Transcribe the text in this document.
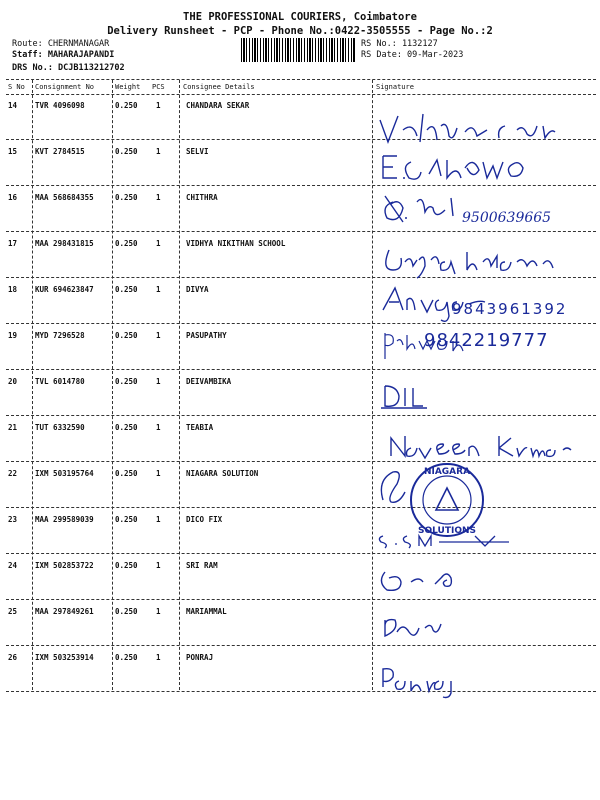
THE PROFESSIONAL COURIERS, Coimbatore
Delivery Runsheet - PCP - Phone No.:0422-3505555 - Page No.:2
Route: CHERNMANAGAR
Staff: MAHARAJAPANDI
DRS No.: DCJB113212702
RS No.: 1132127
RS Date: 09-Mar-2023
S No Consignment No	Weight PCS	Consignee Details	Signature
14 TVR 4096098	0.250 1	CHANDARA SEKAR
15 KVT 2784515	0.250 1	SELVI
16 MAA 568684355	0.250 1	CHITHRA
17 MAA 298431815	0.250 1	VIDHYA NIKITHAN SCHOOL
18 KUR 694623847	0.250 1	DIVYA
19 MYD 7296528	0.250 1	PASUPATHY
20 TVL 6014780	0.250 1	DEIVAMBIKA
21 TUT 6332590	0.250 1	TEABIA
22 IXM 503195764	0.250 1	NIAGARA SOLUTION
23 MAA 299589039	0.250 1	DICO FIX
24 IXM 502853722	0.250 1	SRI RAM
25 MAA 297849261	0.250 1	MARIAMMAL
26 IXM 503253914	0.250 1	PONRAJ
9500639665
9843961392
9842219777
NIAGARA
SOLUTIONS
